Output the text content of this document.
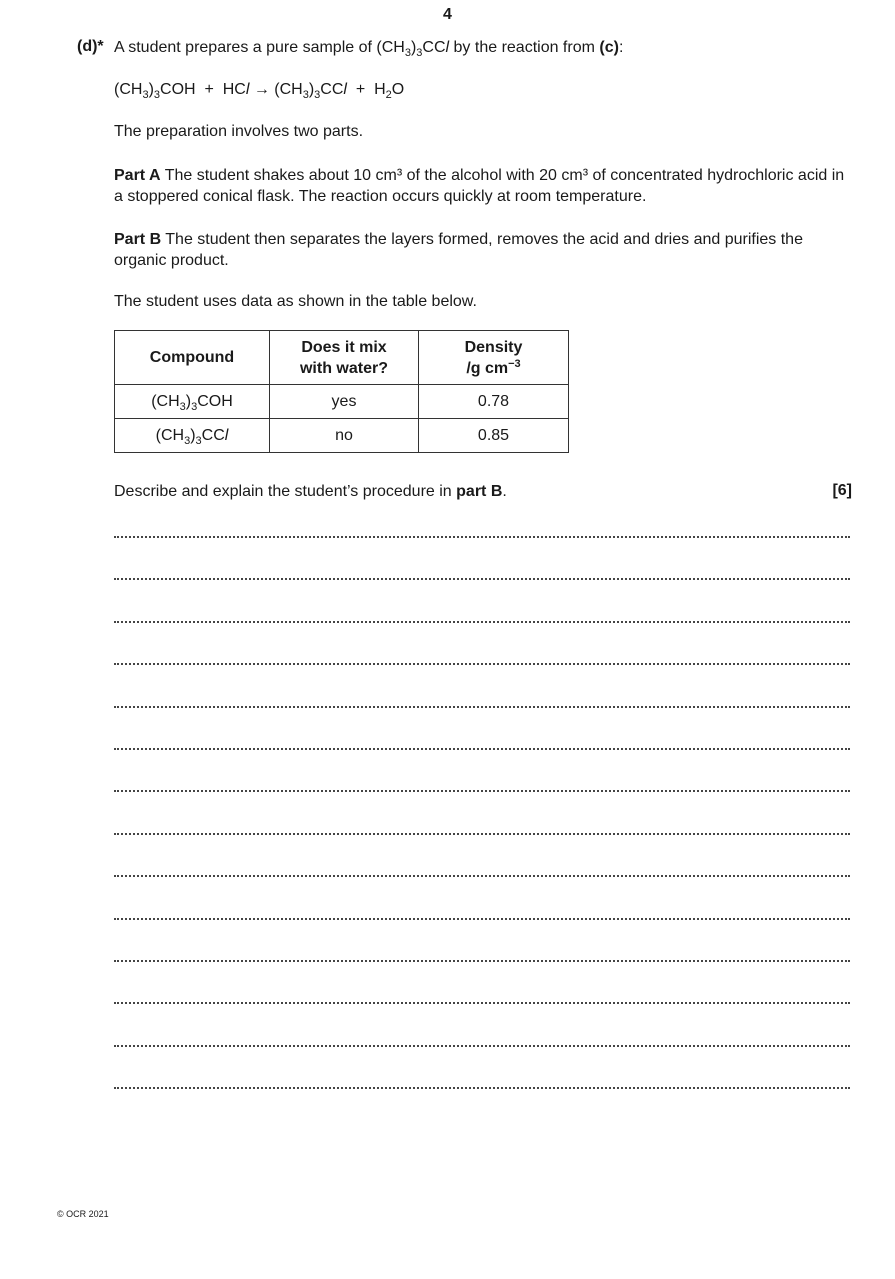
4
(d)* A student prepares a pure sample of $(CH_3)_3CCl$ by the reaction from (c):
$(CH_3)_3COH$  +  HCl → $(CH_3)_3CCl + H_2O$
The preparation involves two parts.
Part A The student shakes about 10 cm³ of the alcohol with 20 cm³ of concentrated hydrochloric acid in a stoppered conical flask. The reaction occurs quickly at room temperature.
Part B The student then separates the layers formed, removes the acid and dries and purifies the organic product.
The student uses data as shown in the table below.
Compound	Does it mix with water?	Density
/g $cm^{-3}$
$(CH_3)_3COH$	yes	0.78
$(CH_3)_3CCl$	no	0.85
Describe and explain the student’s procedure in part B.	[6]
© OCR 2021
